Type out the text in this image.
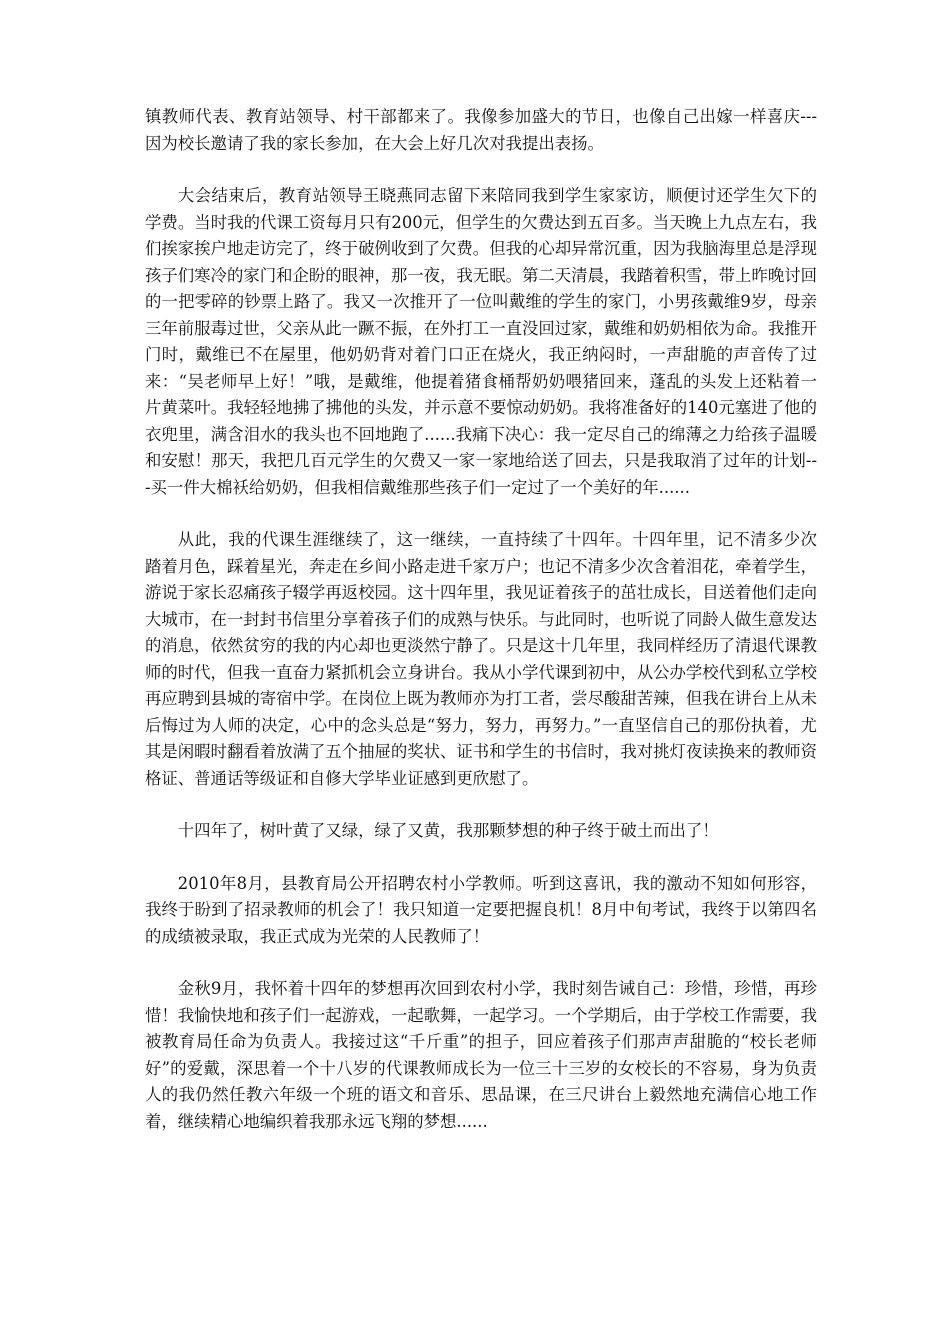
镇教师代表、教育站领导、村干部都来了。我像参加盛大的节日，也像自己出嫁一样喜庆---因为校长邀请了我的家长参加，在大会上好几次对我提出表扬。

大会结束后，教育站领导王晓燕同志留下来陪同我到学生家家访，顺便讨还学生欠下的学费。当时我的代课工资每月只有200元，但学生的欠费达到五百多。当天晚上九点左右，我们挨家挨户地走访完了，终于破例收到了欠费。但我的心却异常沉重，因为我脑海里总是浮现孩子们寒冷的家门和企盼的眼神，那一夜，我无眠。第二天清晨，我踏着积雪，带上昨晚讨回的一把零碎的钞票上路了。我又一次推开了一位叫戴维的学生的家门，小男孩戴维9岁，母亲三年前服毒过世，父亲从此一蹶不振，在外打工一直没回过家，戴维和奶奶相依为命。我推开门时，戴维已不在屋里，他奶奶背对着门口正在烧火，我正纳闷时，一声甜脆的声音传了过来：“吴老师早上好！”哦，是戴维，他提着猪食桶帮奶奶喂猪回来，蓬乱的头发上还粘着一片黄菜叶。我轻轻地拂了拂他的头发，并示意不要惊动奶奶。我将准备好的140元塞进了他的衣兜里，满含泪水的我头也不回地跑了......我痛下决心：我一定尽自己的绵薄之力给孩子温暖和安慰！那天，我把几百元学生的欠费又一家一家地给送了回去，只是我取消了过年的计划---买一件大棉袄给奶奶，但我相信戴维那些孩子们一定过了一个美好的年......

从此，我的代课生涯继续了，这一继续，一直持续了十四年。十四年里，记不清多少次踏着月色，踩着星光，奔走在乡间小路走进千家万户；也记不清多少次含着泪花，牵着学生，游说于家长忍痛孩子辍学再返校园。这十四年里，我见证着孩子的茁壮成长，目送着他们走向大城市，在一封封书信里分享着孩子们的成熟与快乐。与此同时，也听说了同龄人做生意发达的消息，依然贫穷的我的内心却也更淡然宁静了。只是这十几年里，我同样经历了清退代课教师的时代，但我一直奋力紧抓机会立身讲台。我从小学代课到初中，从公办学校代到私立学校再应聘到县城的寄宿中学。在岗位上既为教师亦为打工者，尝尽酸甜苦辣，但我在讲台上从未后悔过为人师的决定，心中的念头总是“努力，努力，再努力。”一直坚信自己的那份执着，尤其是闲暇时翻看着放满了五个抽屉的奖状、证书和学生的书信时，我对挑灯夜读换来的教师资格证、普通话等级证和自修大学毕业证感到更欣慰了。

十四年了，树叶黄了又绿，绿了又黄，我那颗梦想的种子终于破土而出了！

2010年8月，县教育局公开招聘农村小学教师。听到这喜讯，我的激动不知如何形容，我终于盼到了招录教师的机会了！我只知道一定要把握良机！8月中旬考试，我终于以第四名的成绩被录取，我正式成为光荣的人民教师了！

金秋9月，我怀着十四年的梦想再次回到农村小学，我时刻告诫自己：珍惜，珍惜，再珍惜！我愉快地和孩子们一起游戏，一起歌舞，一起学习。一个学期后，由于学校工作需要，我被教育局任命为负责人。我接过这“千斤重”的担子，回应着孩子们那声声甜脆的“校长老师好”的爱戴，深思着一个十八岁的代课教师成长为一位三十三岁的女校长的不容易，身为负责人的我仍然任教六年级一个班的语文和音乐、思品课，在三尺讲台上毅然地充满信心地工作着，继续精心地编织着我那永远飞翔的梦想......
